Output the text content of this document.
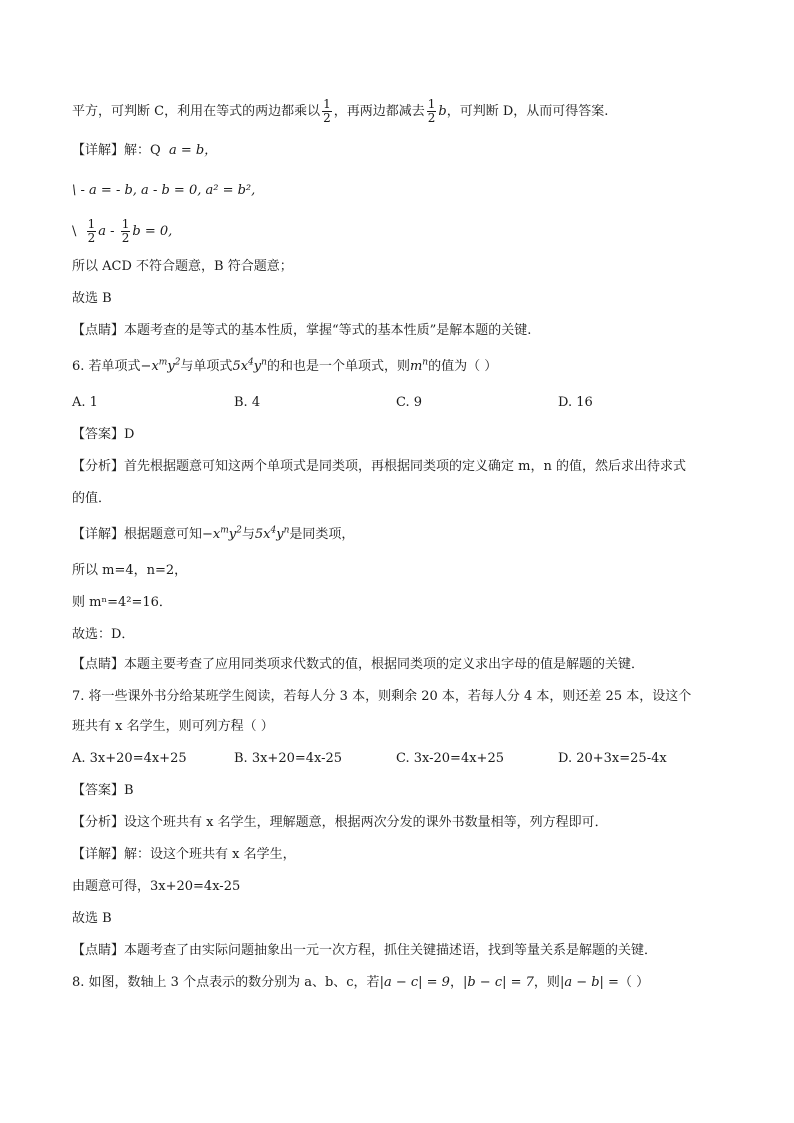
平方，可判断 C，利用在等式的两边都乘以 $\frac{1}{2}$ ，再两边都减去 $\frac{1}{2}$ b，可判断 D，从而可得答案.
【详解】解：Q a = b，
\ - a = - b, a - b = 0, a² = b²,
\ $\frac{1}{2}$ a - $\frac{1}{2}$ b = 0,
所以 ACD 不符合题意，B 符合题意；
故选 B
【点睛】本题考查的是等式的基本性质，掌握“等式的基本性质”是解本题的关键.
6. 若单项式$-x^my^2$与单项式$5x^4y^n$的和也是一个单项式，则$m^n$的值为（ ）
A. 1	B. 4	C. 9	D. 16
【答案】D
【分析】首先根据题意可知这两个单项式是同类项，再根据同类项的定义确定 m，n 的值，然后求出待求式
的值．
【详解】根据题意可知$-x^my^2$与$5x^4y^n$是同类项，
所以 m=4，n=2，
则 mⁿ=4²=16．
故选：D．
【点睛】本题主要考查了应用同类项求代数式的值，根据同类项的定义求出字母的值是解题的关键．
7. 将一些课外书分给某班学生阅读，若每人分 3 本，则剩余 20 本，若每人分 4 本，则还差 25 本，设这个
班共有 x 名学生，则可列方程（ ）
A. 3x+20=4x+25	B. 3x+20=4x-25	C. 3x-20=4x+25	D. 20+3x=25-4x
【答案】B
【分析】设这个班共有 x 名学生，理解题意，根据两次分发的课外书数量相等，列方程即可．
【详解】解：设这个班共有 x 名学生，
由题意可得，3x+20=4x-25
故选 B
【点睛】本题考查了由实际问题抽象出一元一次方程，抓住关键描述语，找到等量关系是解题的关键．
8. 如图，数轴上 3 个点表示的数分别为 a、b、c，若|a − c| = 9，|b − c| = 7，则|a − b| =（ ）
